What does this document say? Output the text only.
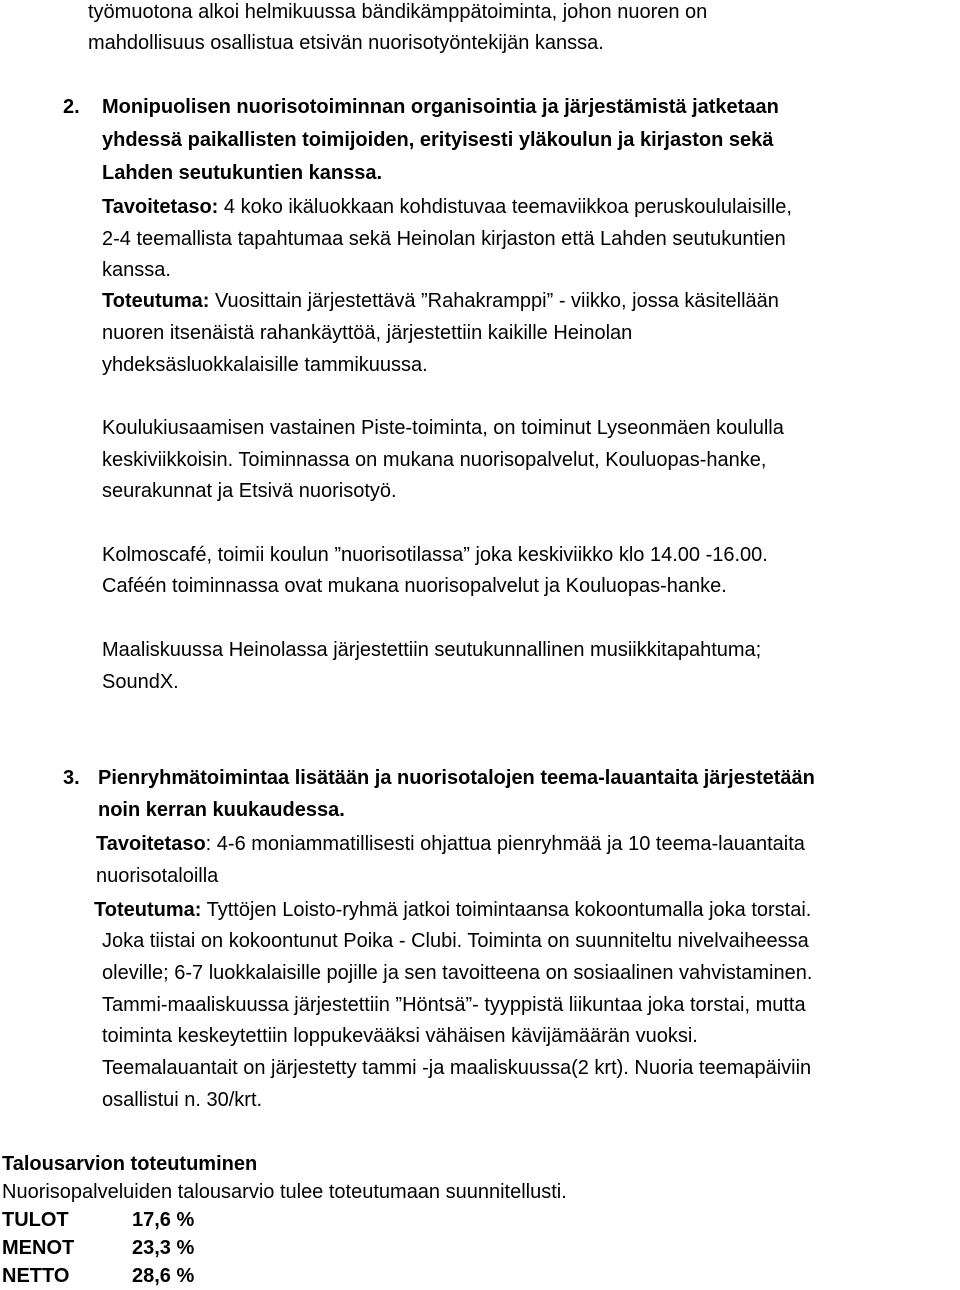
työmuotona alkoi helmikuussa bändikämppätoiminta, johon nuoren on
mahdollisuus osallistua etsivän nuorisotyöntekijän kanssa.
2. Monipuolisen nuorisotoiminnan organisointia ja järjestämistä jatketaan
yhdessä paikallisten toimijoiden, erityisesti yläkoulun ja kirjaston sekä
Lahden seutukuntien kanssa.
Tavoitetaso: 4 koko ikäluokkaan kohdistuvaa teemaviikkoa peruskoululaisille,
2-4 teemallista tapahtumaa sekä Heinolan kirjaston että Lahden seutukuntien
kanssa.
Toteutuma: Vuosittain järjestettävä ”Rahakramppi” - viikko, jossa käsitellään
nuoren itsenäistä rahankäyttöä, järjestettiin kaikille Heinolan
yhdeksäsluokkalaisille tammikuussa.
Koulukiusaamisen vastainen Piste-toiminta, on toiminut Lyseonmäen koululla
keskiviikkoisin. Toiminnassa on mukana nuorisopalvelut, Kouluopas-hanke,
seurakunnat ja Etsivä nuorisotyö.
Kolmoscafé, toimii koulun ”nuorisotilassa” joka keskiviikko klo 14.00 -16.00.
Caféén toiminnassa ovat mukana nuorisopalvelut ja Kouluopas-hanke.
Maaliskuussa Heinolassa järjestettiin seutukunnallinen musiikkitapahtuma;
SoundX.
3. Pienryhmätoimintaa lisätään ja nuorisotalojen teema-lauantaita järjestetään
noin kerran kuukaudessa.
Tavoitetaso: 4-6 moniammatillisesti ohjattua pienryhmää ja 10 teema-lauantaita
nuorisotaloilla
Toteutuma: Tyttöjen Loisto-ryhmä jatkoi toimintaansa kokoontumalla joka torstai.
Joka tiistai on kokoontunut Poika - Clubi. Toiminta on suunniteltu nivelvaiheessa
oleville; 6-7 luokkalaisille pojille ja sen tavoitteena on sosiaalinen vahvistaminen.
Tammi-maaliskuussa järjestettiin ”Höntsä”- tyyppistä liikuntaa joka torstai, mutta
toiminta keskeytettiin loppukevääksi vähäisen kävijämäärän vuoksi.
Teemalauantait on järjestetty tammi -ja maaliskuussa(2 krt). Nuoria teemapäiviin
osallistui n. 30/krt.
Talousarvion toteutuminen
Nuorisopalveluiden talousarvio tulee toteutumaan suunnitellusti.
TULOT	17,6 %
MENOT	23,3 %
NETTO	28,6 %
